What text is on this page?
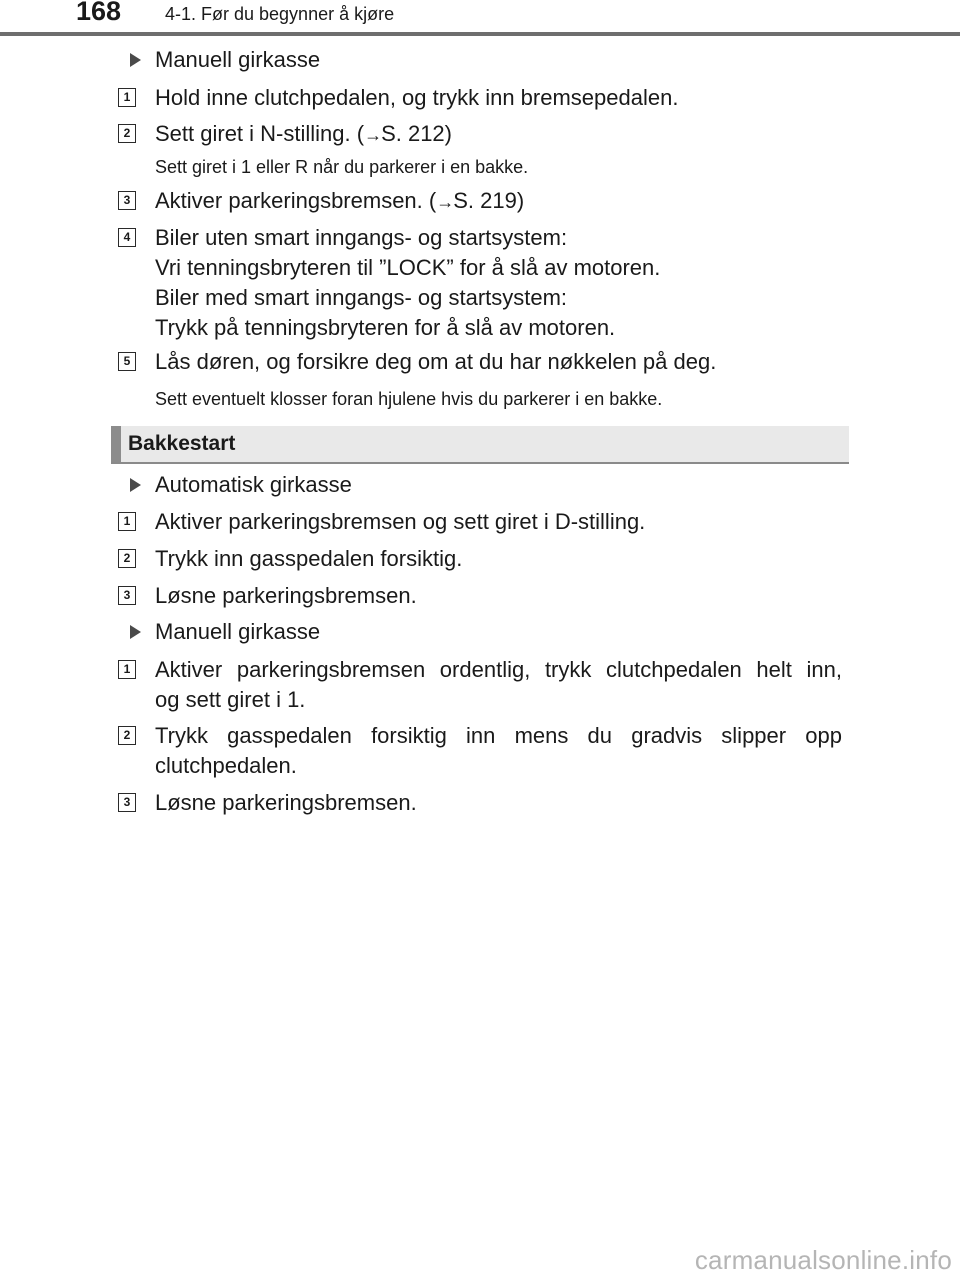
168 4-1. Før du begynner å kjøre
Manuell girkasse
1 Hold inne clutchpedalen, og trykk inn bremsepedalen.
2 Sett giret i N-stilling. (→S. 212)
Sett giret i 1 eller R når du parkerer i en bakke.
3 Aktiver parkeringsbremsen. (→S. 219)
4 Biler uten smart inngangs- og startsystem:
Vri tenningsbryteren til ”LOCK” for å slå av motoren.
Biler med smart inngangs- og startsystem:
Trykk på tenningsbryteren for å slå av motoren.
5 Lås døren, og forsikre deg om at du har nøkkelen på deg.
Sett eventuelt klosser foran hjulene hvis du parkerer i en bakke.
Bakkestart
Automatisk girkasse
1 Aktiver parkeringsbremsen og sett giret i D-stilling.
2 Trykk inn gasspedalen forsiktig.
3 Løsne parkeringsbremsen.
Manuell girkasse
1 Aktiver parkeringsbremsen ordentlig, trykk clutchpedalen helt inn,
og sett giret i 1.
2 Trykk gasspedalen forsiktig inn mens du gradvis slipper opp
clutchpedalen.
3 Løsne parkeringsbremsen.
carmanualsonline.info
